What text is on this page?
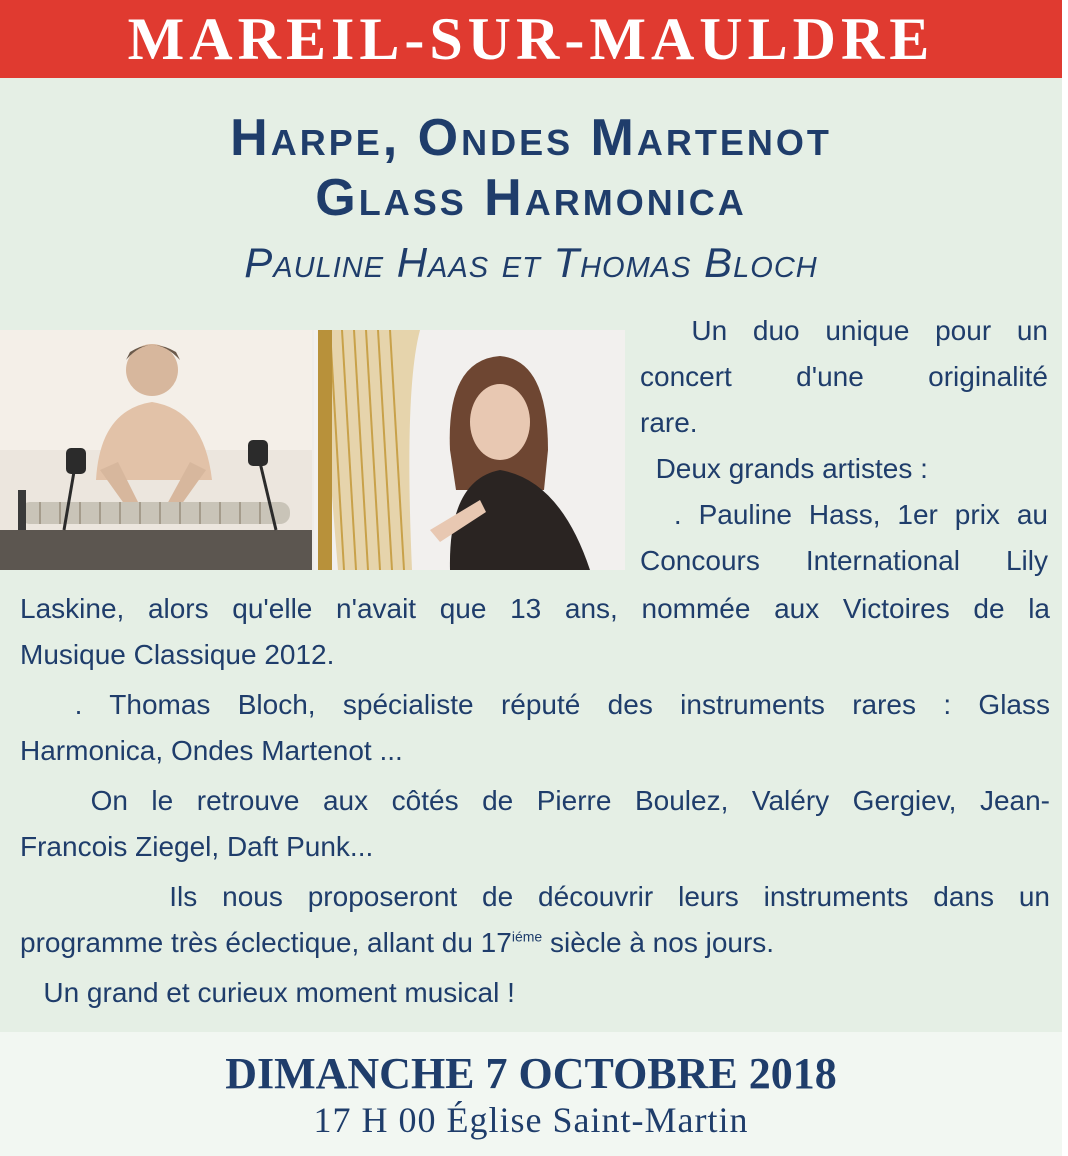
MAREIL-SUR-MAULDRE
Harpe, Ondes Martenot
Glass Harmonica
Pauline Haas et Thomas Bloch

Un duo unique pour un

concert d'une originalité

rare.

Deux grands artistes :

. Pauline Hass, 1er prix au

Concours International Lily

Laskine, alors qu'elle n'avait que 13 ans, nommée aux Victoires de la

Musique Classique 2012.

. Thomas Bloch, spécialiste réputé des instruments rares : Glass

Harmonica, Ondes Martenot ...

On le retrouve aux côtés de Pierre Boulez, Valéry Gergiev, Jean-

Francois Ziegel, Daft Punk...

Ils nous proposeront de découvrir leurs instruments dans un

programme très éclectique, allant du $17^{iéme}$ siècle à nos jours.

Un grand et curieux moment musical !

DIMANCHE 7 OCTOBRE 2018
17 H 00 Église Saint-Martin
